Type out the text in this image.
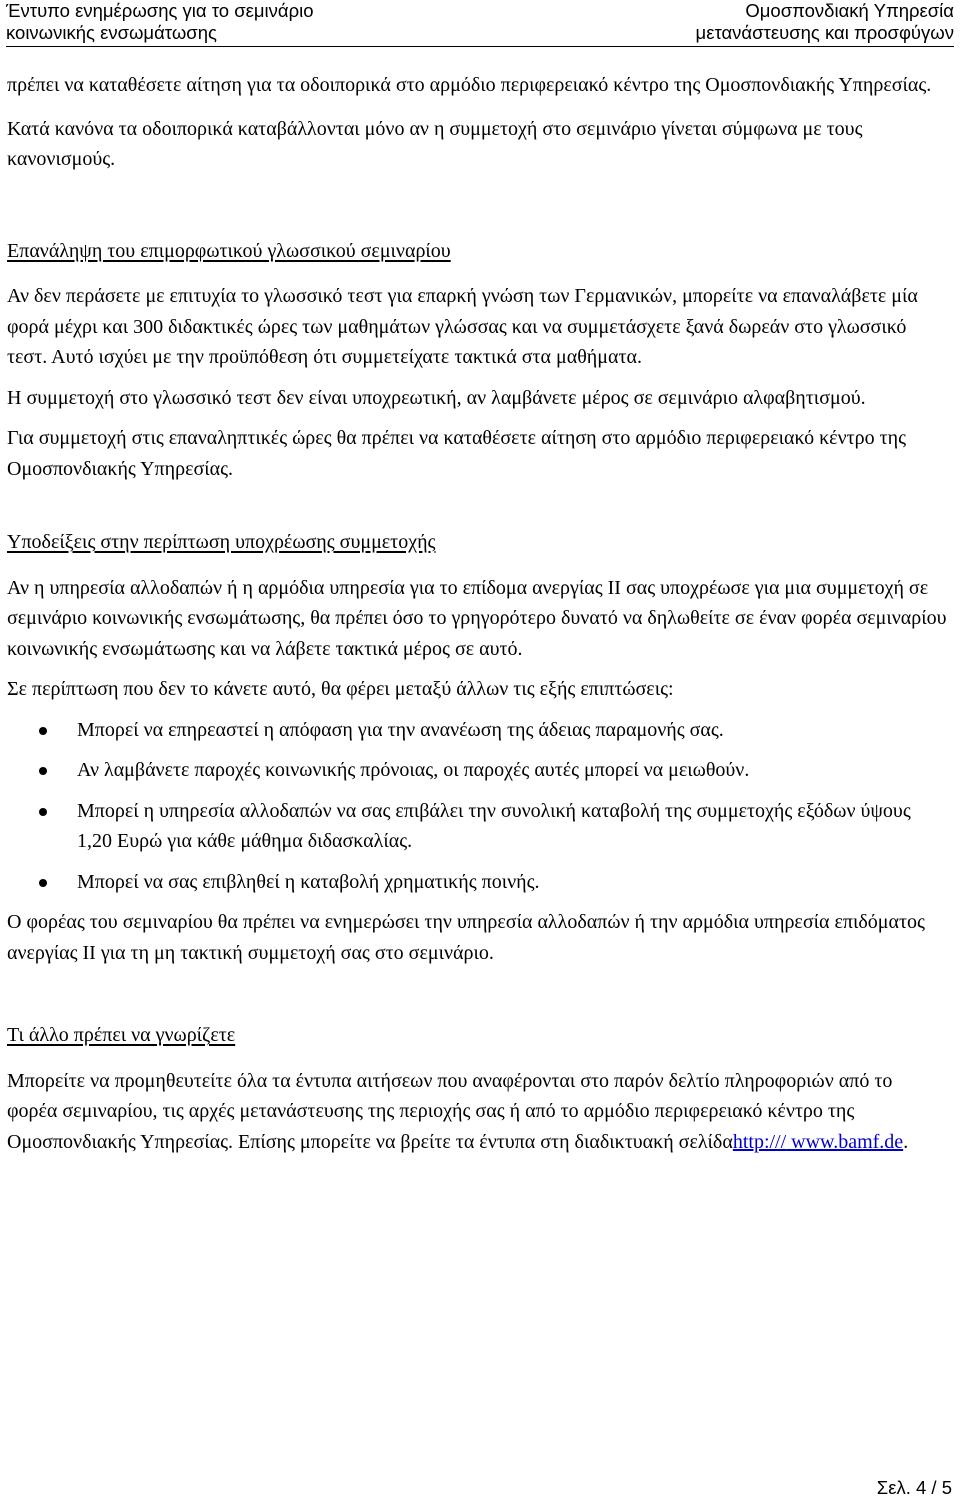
Έντυπο ενημέρωσης για το σεμινάριο
κοινωνικής ενσωμάτωσης
Ομοσπονδιακή Υπηρεσία
μετανάστευσης και προσφύγων

πρέπει να καταθέσετε αίτηση για τα οδοιπορικά στο αρμόδιο περιφερειακό κέντρο της Ομοσπονδιακής Υπηρεσίας.

Κατά κανόνα τα οδοιπορικά καταβάλλονται μόνο αν η συμμετοχή στο σεμινάριο γίνεται σύμφωνα με τους κανονισμούς.

Επανάληψη του επιμορφωτικού γλωσσικού σεμιναρίου

Αν δεν περάσετε με επιτυχία το γλωσσικό τεστ για επαρκή γνώση των Γερμανικών, μπορείτε να επαναλάβετε μία φορά μέχρι και 300 διδακτικές ώρες των μαθημάτων γλώσσας και να συμμετάσχετε ξανά δωρεάν στο γλωσσικό τεστ. Αυτό ισχύει με την προϋπόθεση ότι συμμετείχατε τακτικά στα μαθήματα.

Η συμμετοχή στο γλωσσικό τεστ δεν είναι υποχρεωτική, αν λαμβάνετε μέρος σε σεμινάριο αλφαβητισμού.

Για συμμετοχή στις επαναληπτικές ώρες θα πρέπει να καταθέσετε αίτηση στο αρμόδιο περιφερειακό κέντρο της Ομοσπονδιακής Υπηρεσίας.

Υποδείξεις στην περίπτωση υποχρέωσης συμμετοχής

Αν η υπηρεσία αλλοδαπών ή η αρμόδια υπηρεσία για το επίδομα ανεργίας ΙΙ σας υποχρέωσε για μια συμμετοχή σε σεμινάριο κοινωνικής ενσωμάτωσης, θα πρέπει όσο το γρηγορότερο δυνατό να δηλωθείτε σε έναν φορέα σεμιναρίου κοινωνικής ενσωμάτωσης και να λάβετε τακτικά μέρος σε αυτό.

Σε περίπτωση που δεν το κάνετε αυτό, θα φέρει μεταξύ άλλων τις εξής επιπτώσεις:

Μπορεί να επηρεαστεί η απόφαση για την ανανέωση της άδειας παραμονής σας.
Αν λαμβάνετε παροχές κοινωνικής πρόνοιας, οι παροχές αυτές μπορεί να μειωθούν.
Μπορεί η υπηρεσία αλλοδαπών να σας επιβάλει την συνολική καταβολή της συμμετοχής εξόδων ύψους 1,20 Ευρώ για κάθε μάθημα διδασκαλίας.
Μπορεί να σας επιβληθεί η καταβολή χρηματικής ποινής.

Ο φορέας του σεμιναρίου θα πρέπει να ενημερώσει την υπηρεσία αλλοδαπών ή την αρμόδια υπηρεσία επιδόματος ανεργίας ΙΙ για τη μη τακτική συμμετοχή σας στο σεμινάριο.

Τι άλλο πρέπει να γνωρίζετε

Μπορείτε να προμηθευτείτε όλα τα έντυπα αιτήσεων που αναφέρονται στο παρόν δελτίο πληροφοριών από το φορέα σεμιναρίου, τις αρχές μετανάστευσης της περιοχής σας ή από το αρμόδιο περιφερειακό κέντρο της Ομοσπονδιακής Υπηρεσίας. Επίσης μπορείτε να βρείτε τα έντυπα στη διαδικτυακή σελίδαhttp:/// www.bamf.de.

Σελ. 4 / 5
